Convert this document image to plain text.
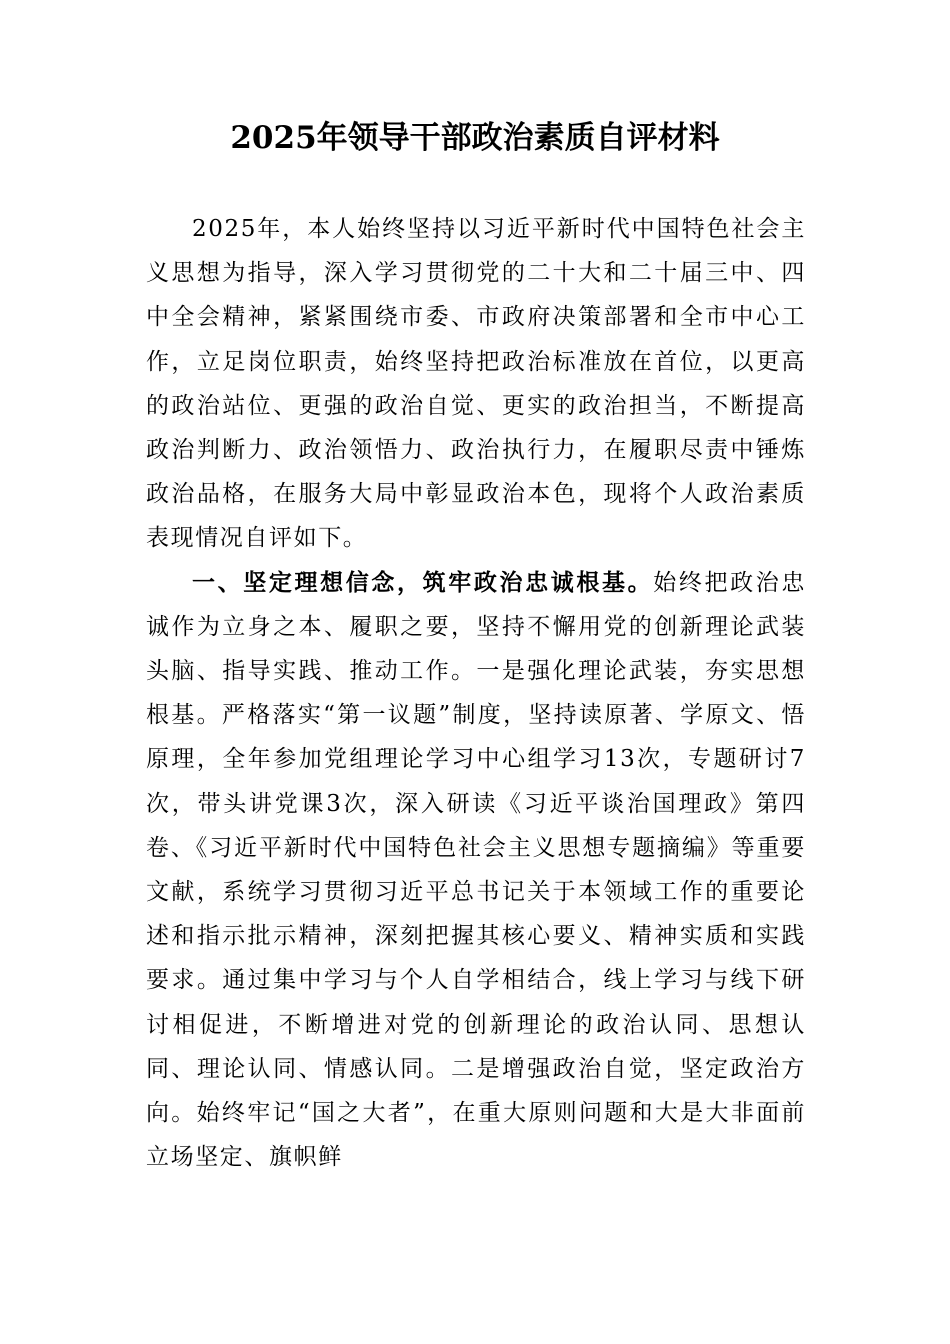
2025年领导干部政治素质自评材料

2025年，本人始终坚持以习近平新时代中国特色社会主义思想为指导，深入学习贯彻党的二十大和二十届三中、四中全会精神，紧紧围绕市委、市政府决策部署和全市中心工作，立足岗位职责，始终坚持把政治标准放在首位，以更高的政治站位、更强的政治自觉、更实的政治担当，不断提高政治判断力、政治领悟力、政治执行力，在履职尽责中锤炼政治品格，在服务大局中彰显政治本色，现将个人政治素质表现情况自评如下。

一、坚定理想信念，筑牢政治忠诚根基。始终把政治忠诚作为立身之本、履职之要，坚持不懈用党的创新理论武装头脑、指导实践、推动工作。一是强化理论武装，夯实思想根基。严格落实“第一议题”制度，坚持读原著、学原文、悟原理，全年参加党组理论学习中心组学习13次，专题研讨7次，带头讲党课3次，深入研读《习近平谈治国理政》第四卷、《习近平新时代中国特色社会主义思想专题摘编》等重要文献，系统学习贯彻习近平总书记关于本领域工作的重要论述和指示批示精神，深刻把握其核心要义、精神实质和实践要求。通过集中学习与个人自学相结合，线上学习与线下研讨相促进，不断增进对党的创新理论的政治认同、思想认同、理论认同、情感认同。二是增强政治自觉，坚定政治方向。始终牢记“国之大者”，在重大原则问题和大是大非面前立场坚定、旗帜鲜
